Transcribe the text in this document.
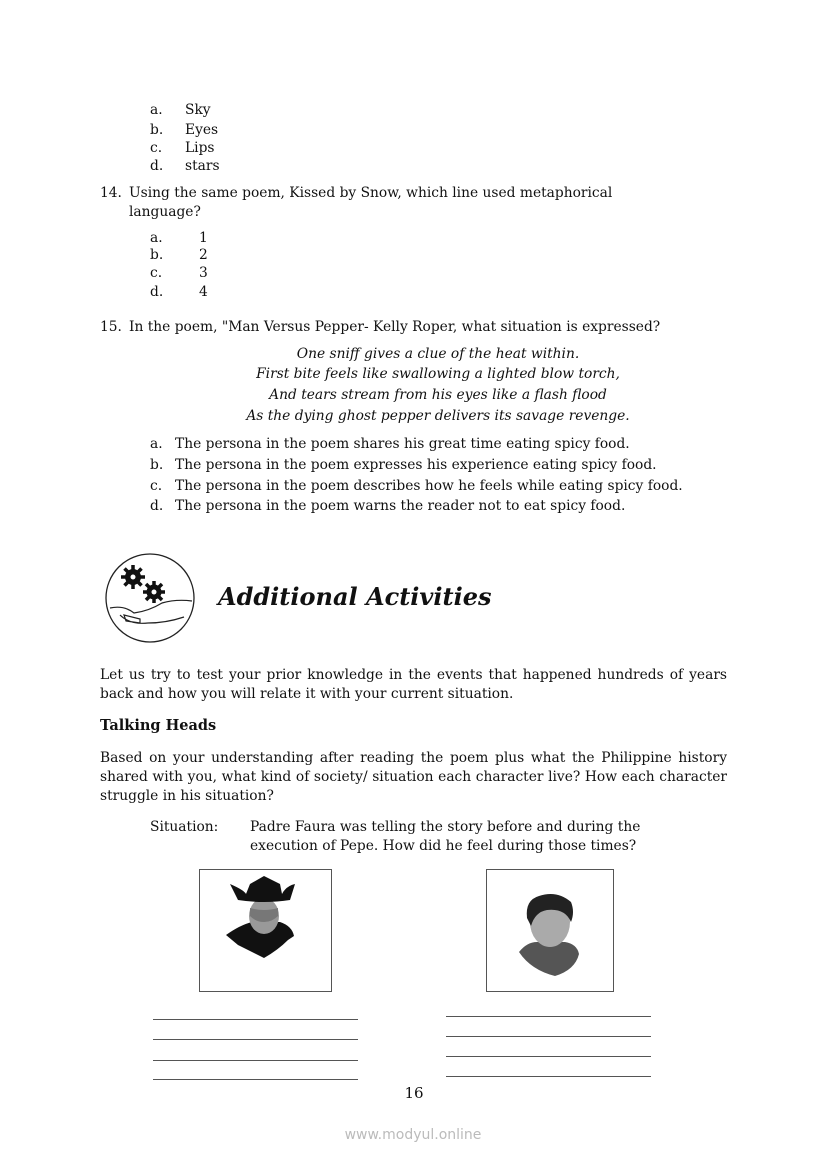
a. Sky
b. Eyes
c. Lips
d. stars
14. Using the same poem, Kissed by Snow, which line used metaphorical
language?
a.	1
b.	2
c.	3
d.	4
15. In the poem, "Man Versus Pepper- Kelly Roper, what situation is expressed?
One sniff gives a clue of the heat within.
First bite feels like swallowing a lighted blow torch,
And tears stream from his eyes like a flash flood
As the dying ghost pepper delivers its savage revenge.
a. The persona in the poem shares his great time eating spicy food.
b. The persona in the poem expresses his experience eating spicy food.
c. The persona in the poem describes how he feels while eating spicy food.
d. The persona in the poem warns the reader not to eat spicy food.
Additional Activities
Let us try to test your prior knowledge in the events that happened hundreds of years back and how you will relate it with your current situation.
Talking Heads
Based on your understanding after reading the poem plus what the Philippine history shared with you, what kind of society/ situation each character live? How each character struggle in his situation?
Situation: Padre Faura was telling the story before and during the
execution of Pepe. How did he feel during those times?
16
www.modyul.online
